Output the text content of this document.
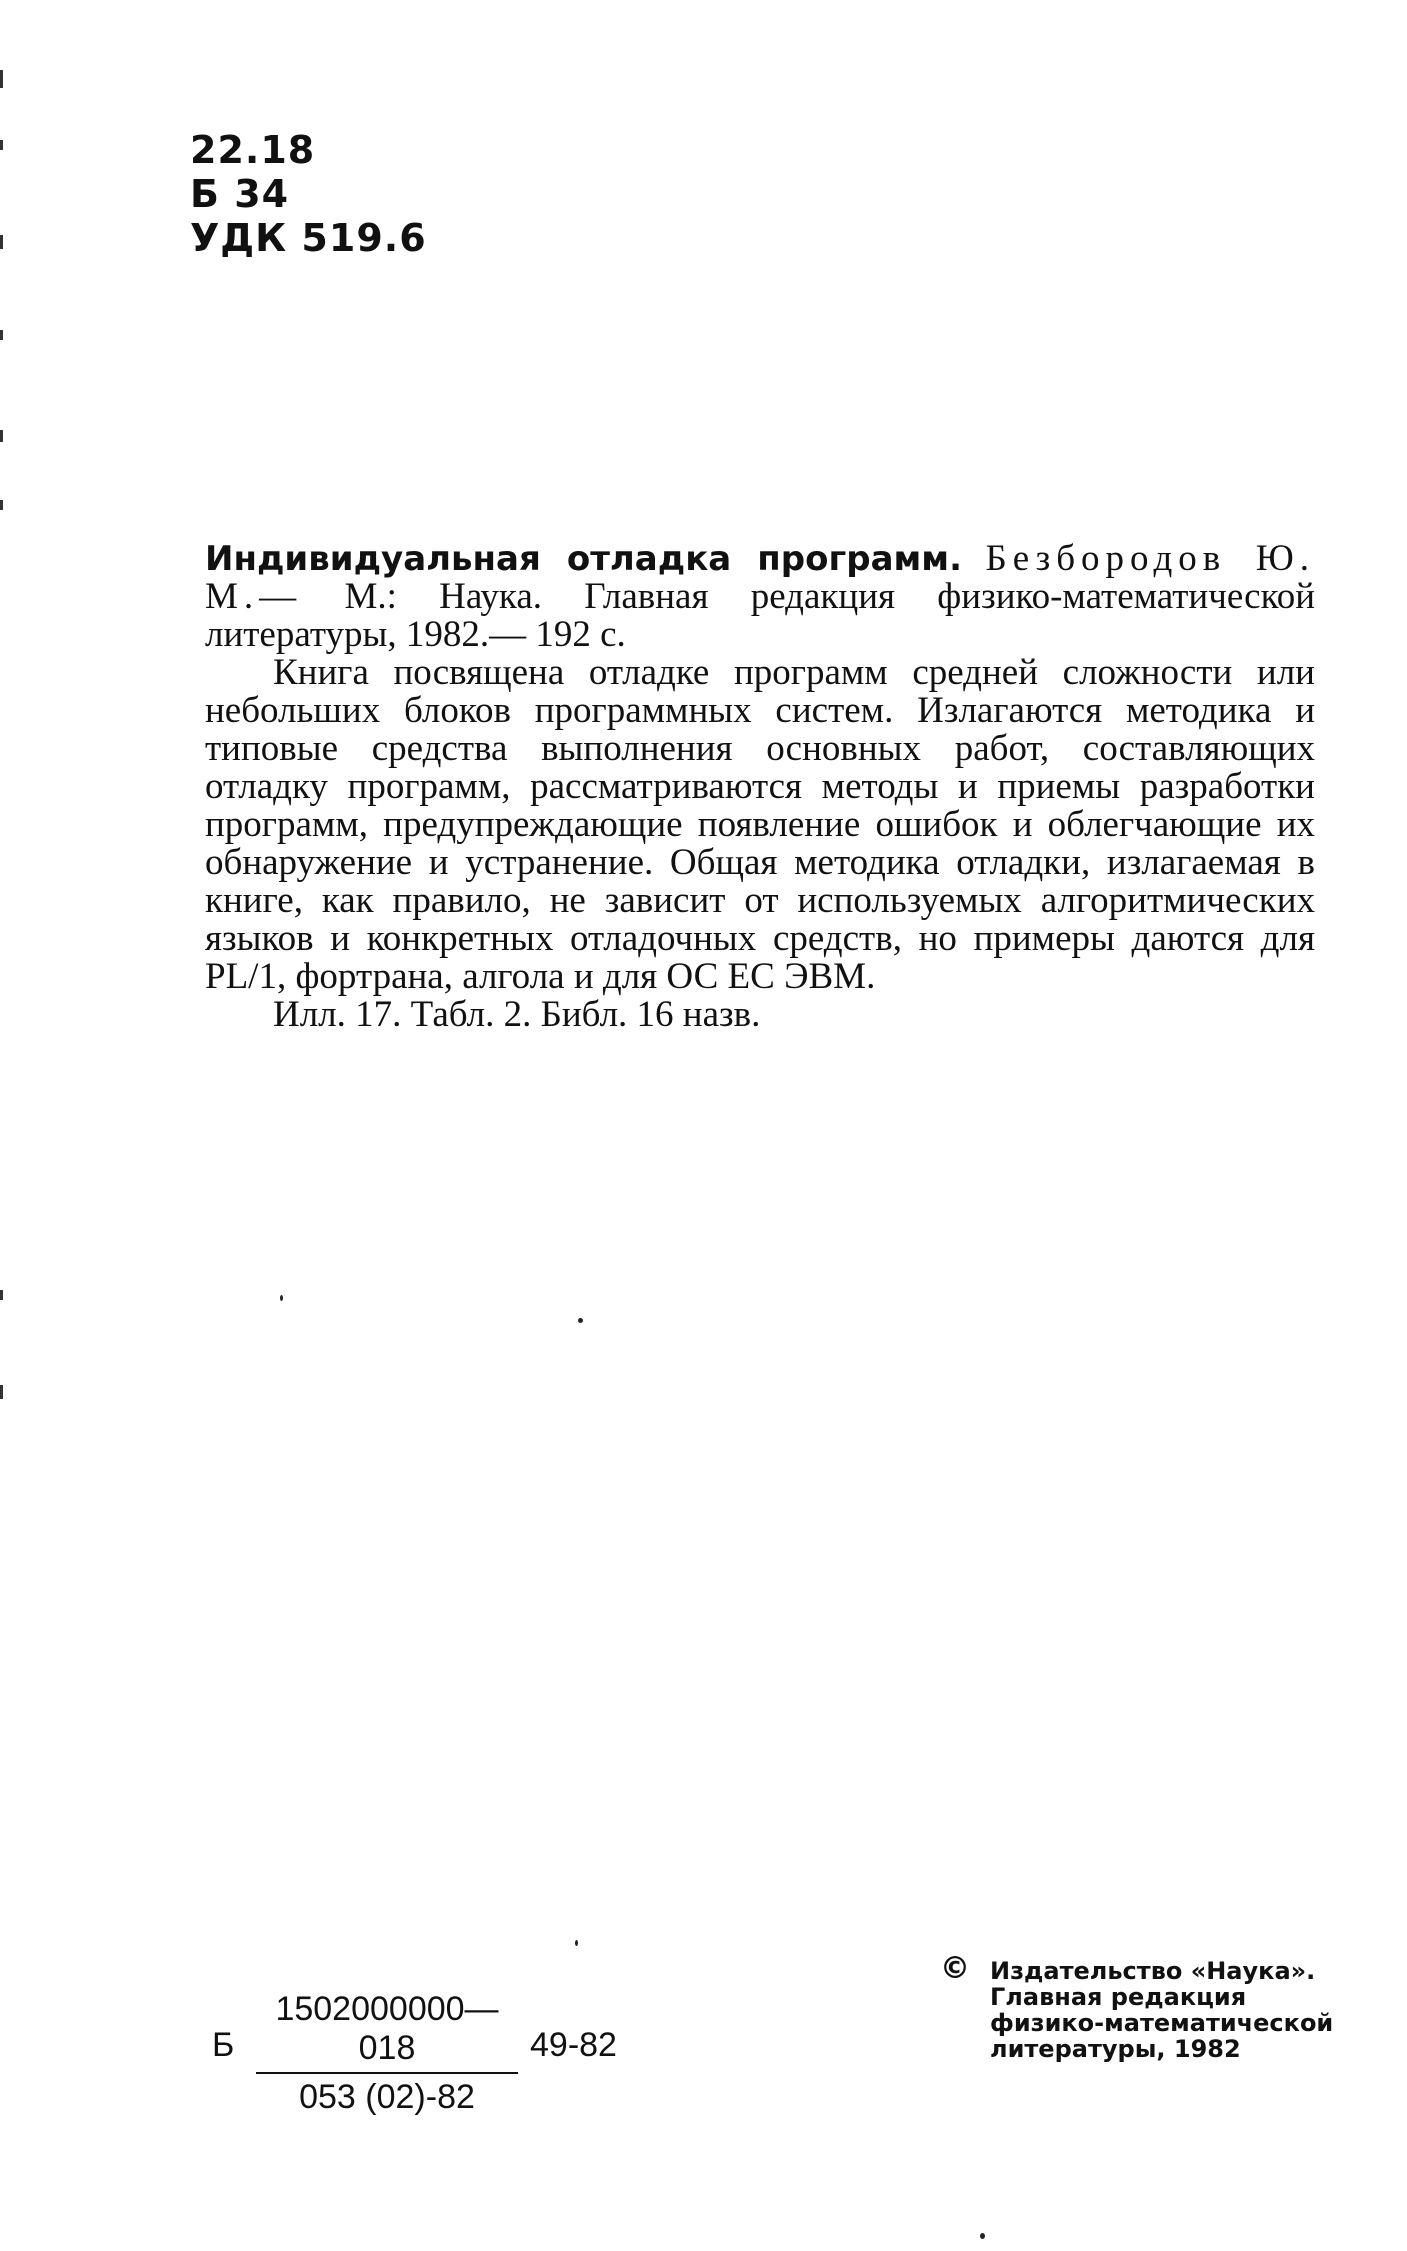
22.18
Б 34
УДК 519.6

Индивидуальная отладка программ. Безбородов Ю. М.— М.: Наука. Главная редакция физико-математической литературы, 1982.— 192 с.

Книга посвящена отладке программ средней сложности или небольших блоков программных систем. Излагаются методика и типовые средства выполнения основных работ, составляющих отладку программ, рассматриваются методы и приемы разработки программ, предупреждающие появление ошибок и облегчающие их обнаружение и устранение. Общая методика отладки, излагаемая в книге, как правило, не зависит от используемых алгоритмических языков и конкретных отладочных средств, но примеры даются для PL/1, фортрана, алгола и для ОС ЕС ЭВМ.

Илл. 17. Табл. 2. Библ. 16 назв.

Б
1502000000—018
053 (02)-82
49-82
© Издательство «Наука».
Главная редакция
физико-математической
литературы, 1982
